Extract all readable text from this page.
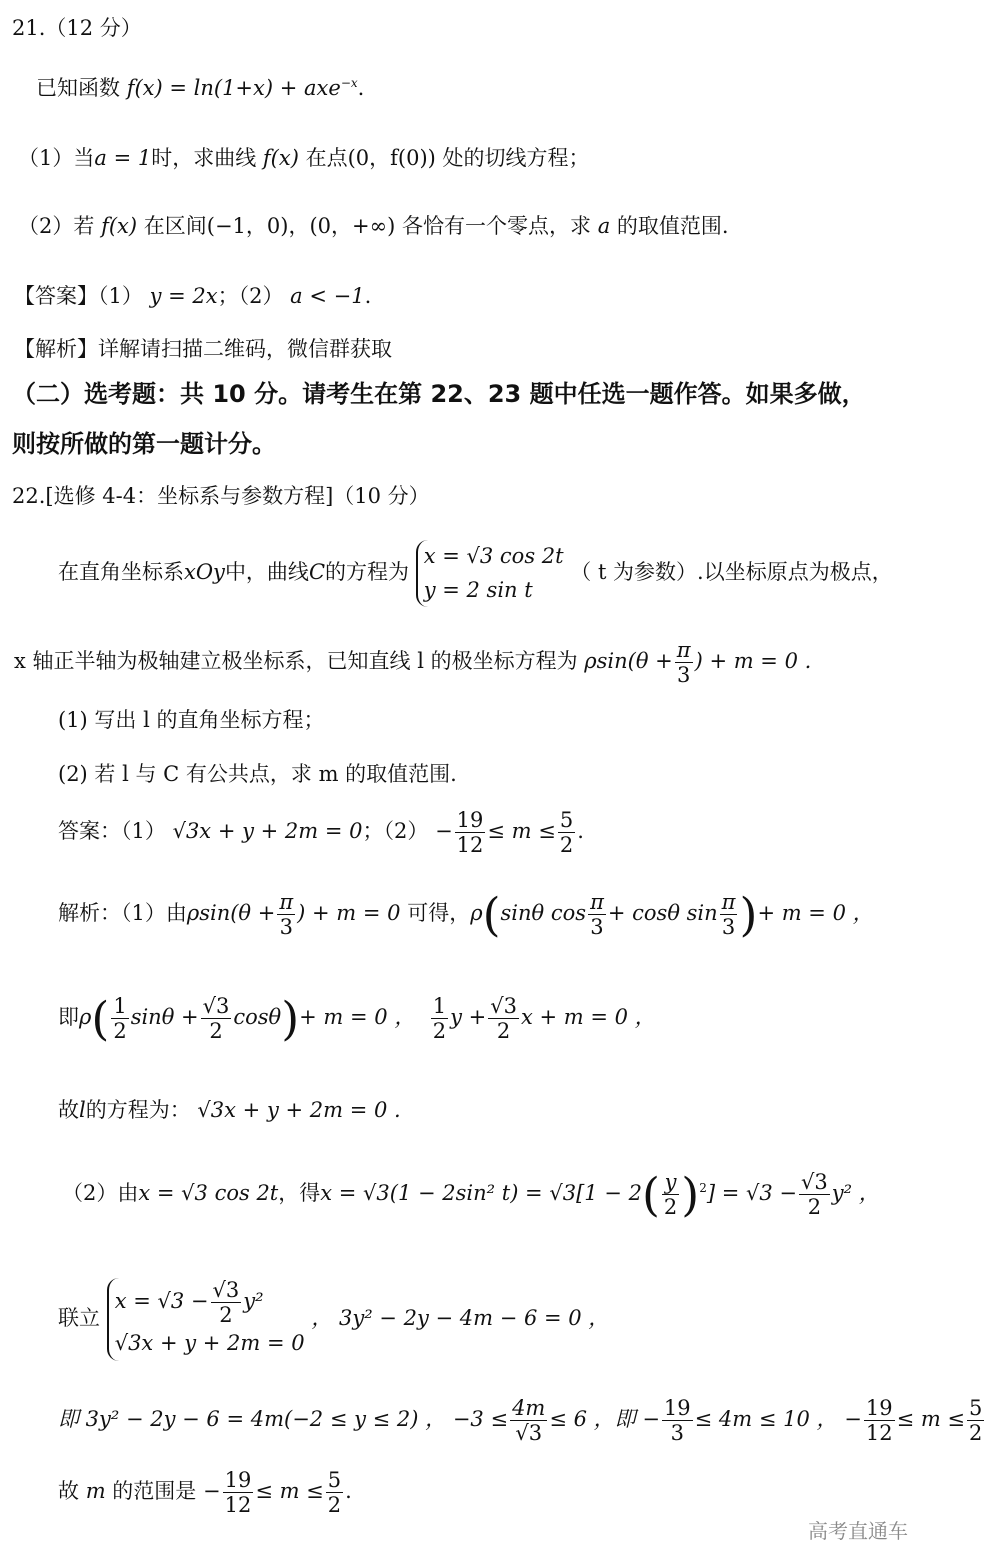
21.（12 分）
已知函数 f(x) = ln(1+x) + axe$^{-x}$.
（1）当a = 1时，求曲线 f(x) 在点(0，f(0)) 处的切线方程；
（2）若 f(x) 在区间(−1，0)，(0，+∞) 各恰有一个零点，求 a 的取值范围.
【答案】（1） y = 2x；（2） a < −1.
【解析】详解请扫描二维码，微信群获取
（二）选考题：共 10 分。请考生在第 22、23 题中任选一题作答。如果多做，
则按所做的第一题计分。
22.[选修 4-4：坐标系与参数方程]（10 分）
在直角坐标系xOy中，曲线C的方程为
x = √3 cos 2t
y = 2 sin t
（ t 为参数）.以坐标原点为极点，
x 轴正半轴为极轴建立极坐标系，已知直线 l 的极坐标方程为 $\rho\sin(\theta + \frac{\pi}{3}$ ) + m = 0 .
(1) 写出 l 的直角坐标方程；
(2) 若 l 与 C 有公共点，求 m 的取值范围.
答案：（1） √3x + y + 2m = 0；$(2) - \frac{19}{12} \le m \le \frac{5}{2}$ .
解析：（1）由$\rho\sin(\theta + \frac{\pi}{3}$ ) + m = 0 可得，ρ(sinθ $\cos \frac{\pi}{3} + \cos\theta$ $\sin \frac{\pi}{3}$ )+ m = 0 ，
即$\rho( \frac{1}{2}$ $\sin\theta + \frac{√3}{2} \cos\theta)+ m = 0$ ， $\frac{1}{2}$ $y + \frac{√3}{2}$ x + m = 0 ，
故l的方程为： √3x + y + 2m = 0 .
（2）由x = √3 cos 2t，得x = √3(1 − 2sin² $t) = √3[1 - 2( \frac{y}{2} )^2] = √3 - \frac{√3}{2} y^2$ ，
联立
$x = √3 - \frac{√3}{2} y^2$
√3x + y + 2m = 0
， 3y² − 2y − 4m − 6 = 0 ，
即 3y² − 2y − 6 = 4m(−2 ≤ y ≤ 2) ， $-3 \le \frac{4m}{√3} \le 6$ ，即 − $\frac{19}{3} \le 4m \le 10$ ， − $\frac{19}{12} \le m \le \frac{5}{2}$
故 m 的范围是 − $\frac{19}{12} \le m \le \frac{5}{2}$ .
高考直通车
